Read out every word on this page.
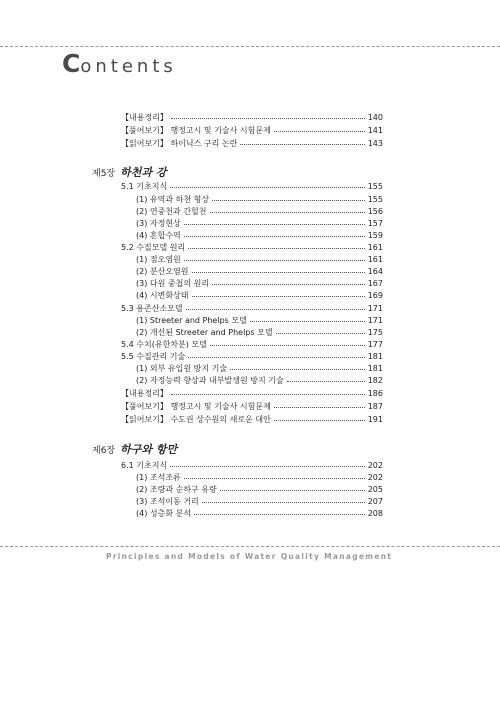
Contents
【내용정리】	140
【풀어보기】 행정고시 및 기술사 시험문제	141
【읽어보기】 하이닉스 구리 논란	143
제5장 하천과 강
5.1 기초지식	155
(1) 유역과 하천 형상	155
(2) 연중천과 간헐천	156
(3) 자정현상	157
(4) 혼합수역	159
5.2 수질모델 원리	161
(1) 점오염원	161
(2) 분산오염원	164
(3) 다원 중첩의 원리	167
(4) 시변화상태	169
5.3 용존산소모델	171
(1) Streeter and Phelps 모델	171
(2) 개선된 Streeter and Phelps 모델	175
5.4 수치(유한차분) 모델	177
5.5 수질관리 기술	181
(1) 외부 유입원 방지 기술	181
(2) 자정능력 향상과 내부발생원 방지 기술	182
【내용정리】	186
【풀어보기】 행정고시 및 기술사 시험문제	187
【읽어보기】 수도권 상수원의 새로운 대안	191
제6장 하구와 항만
6.1 기초지식	202
(1) 조석조류	202
(2) 조량과 순하구 유량	205
(3) 조석이동 거리	207
(4) 성층화 분석	208
Principles and Models of Water Quality Management
